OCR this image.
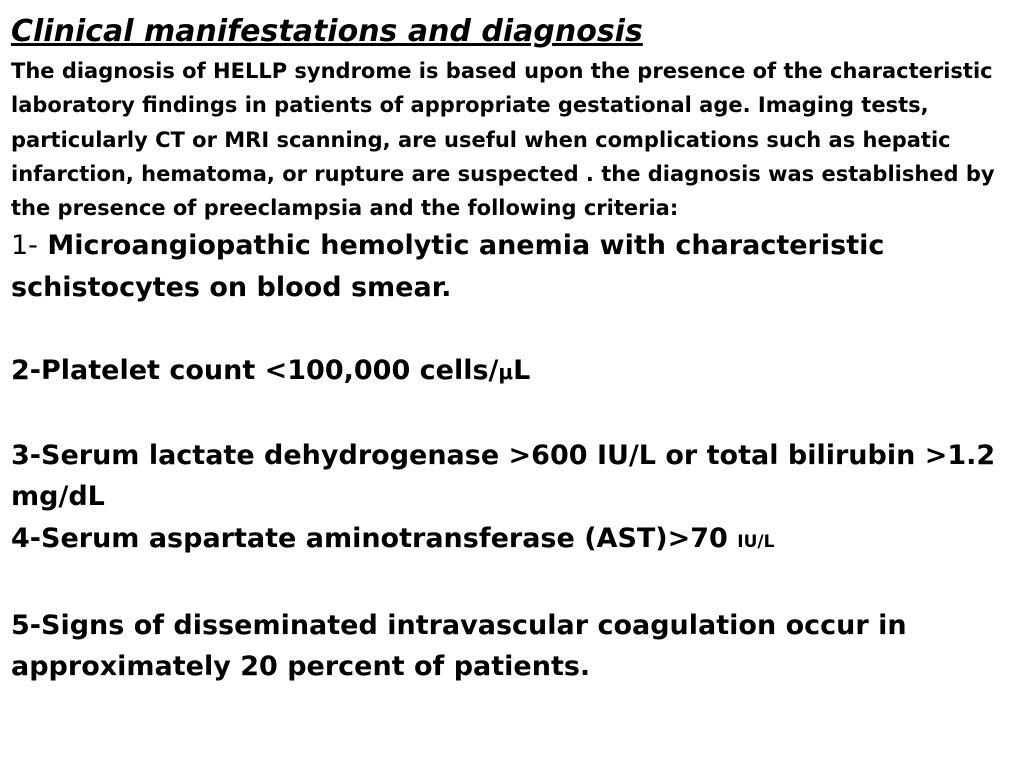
Clinical manifestations and diagnosis

The diagnosis of HELLP syndrome is based upon the presence of the characteristic laboratory findings in patients of appropriate gestational age. Imaging tests, particularly CT or MRI scanning, are useful when complications such as hepatic infarction, hematoma, or rupture are suspected . the diagnosis was established by the presence of preeclampsia and the following criteria:

1- Microangiopathic hemolytic anemia with characteristic schistocytes on blood smear.
2-Platelet count <100,000 cells/μL
3-Serum lactate dehydrogenase >600 IU/L or total bilirubin >1.2 mg/dL
4-Serum aspartate aminotransferase (AST)>70 IU/L
5-Signs of disseminated intravascular coagulation occur in approximately 20 percent of patients.
